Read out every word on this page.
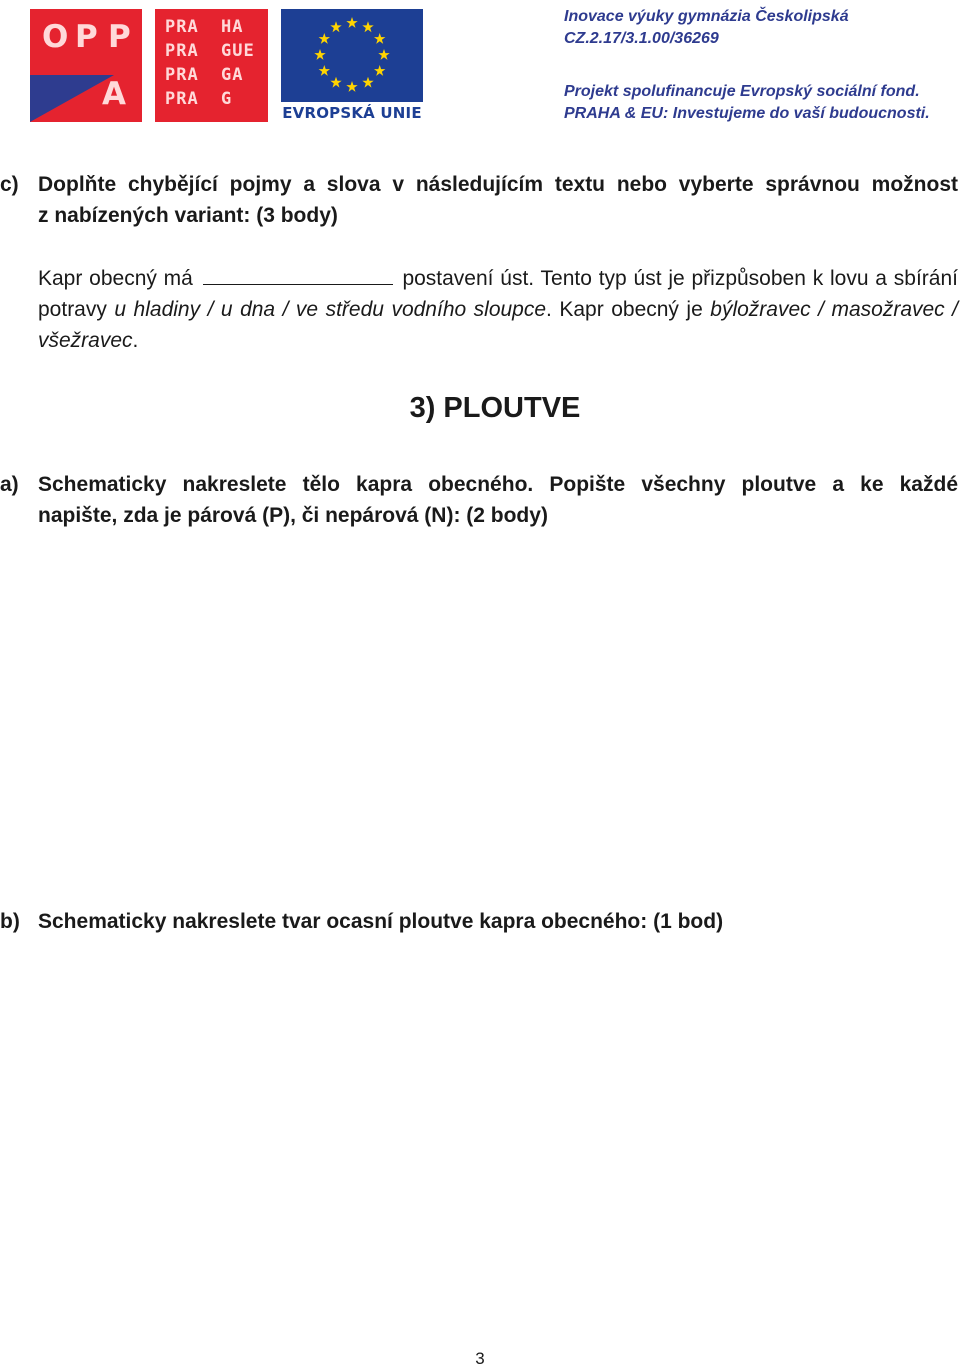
O P P
A
PRA	HA
PRA	GUE
PRA	GA
PRA	G
EVROPSKÁ UNIE
Inovace výuky gymnázia Českolipská
CZ.2.17/3.1.00/36269
Projekt spolufinancuje Evropský sociální fond.
PRAHA & EU: Investujeme do vaší budoucnosti.
c) Doplňte chybějící pojmy a slova v následujícím textu nebo vyberte správnou možnost
z nabízených variant: (3 body)
Kapr obecný má	postavení úst. Tento typ úst je přizpůsoben k lovu a sbírání potravy u hladiny / u dna / ve středu vodního sloupce. Kapr obecný je býložravec / masožravec / všežravec.
3) PLOUTVE
a) Schematicky nakreslete tělo kapra obecného. Popište všechny ploutve a ke každé
napište, zda je párová (P), či nepárová (N): (2 body)
b) Schematicky nakreslete tvar ocasní ploutve kapra obecného: (1 bod)
3
